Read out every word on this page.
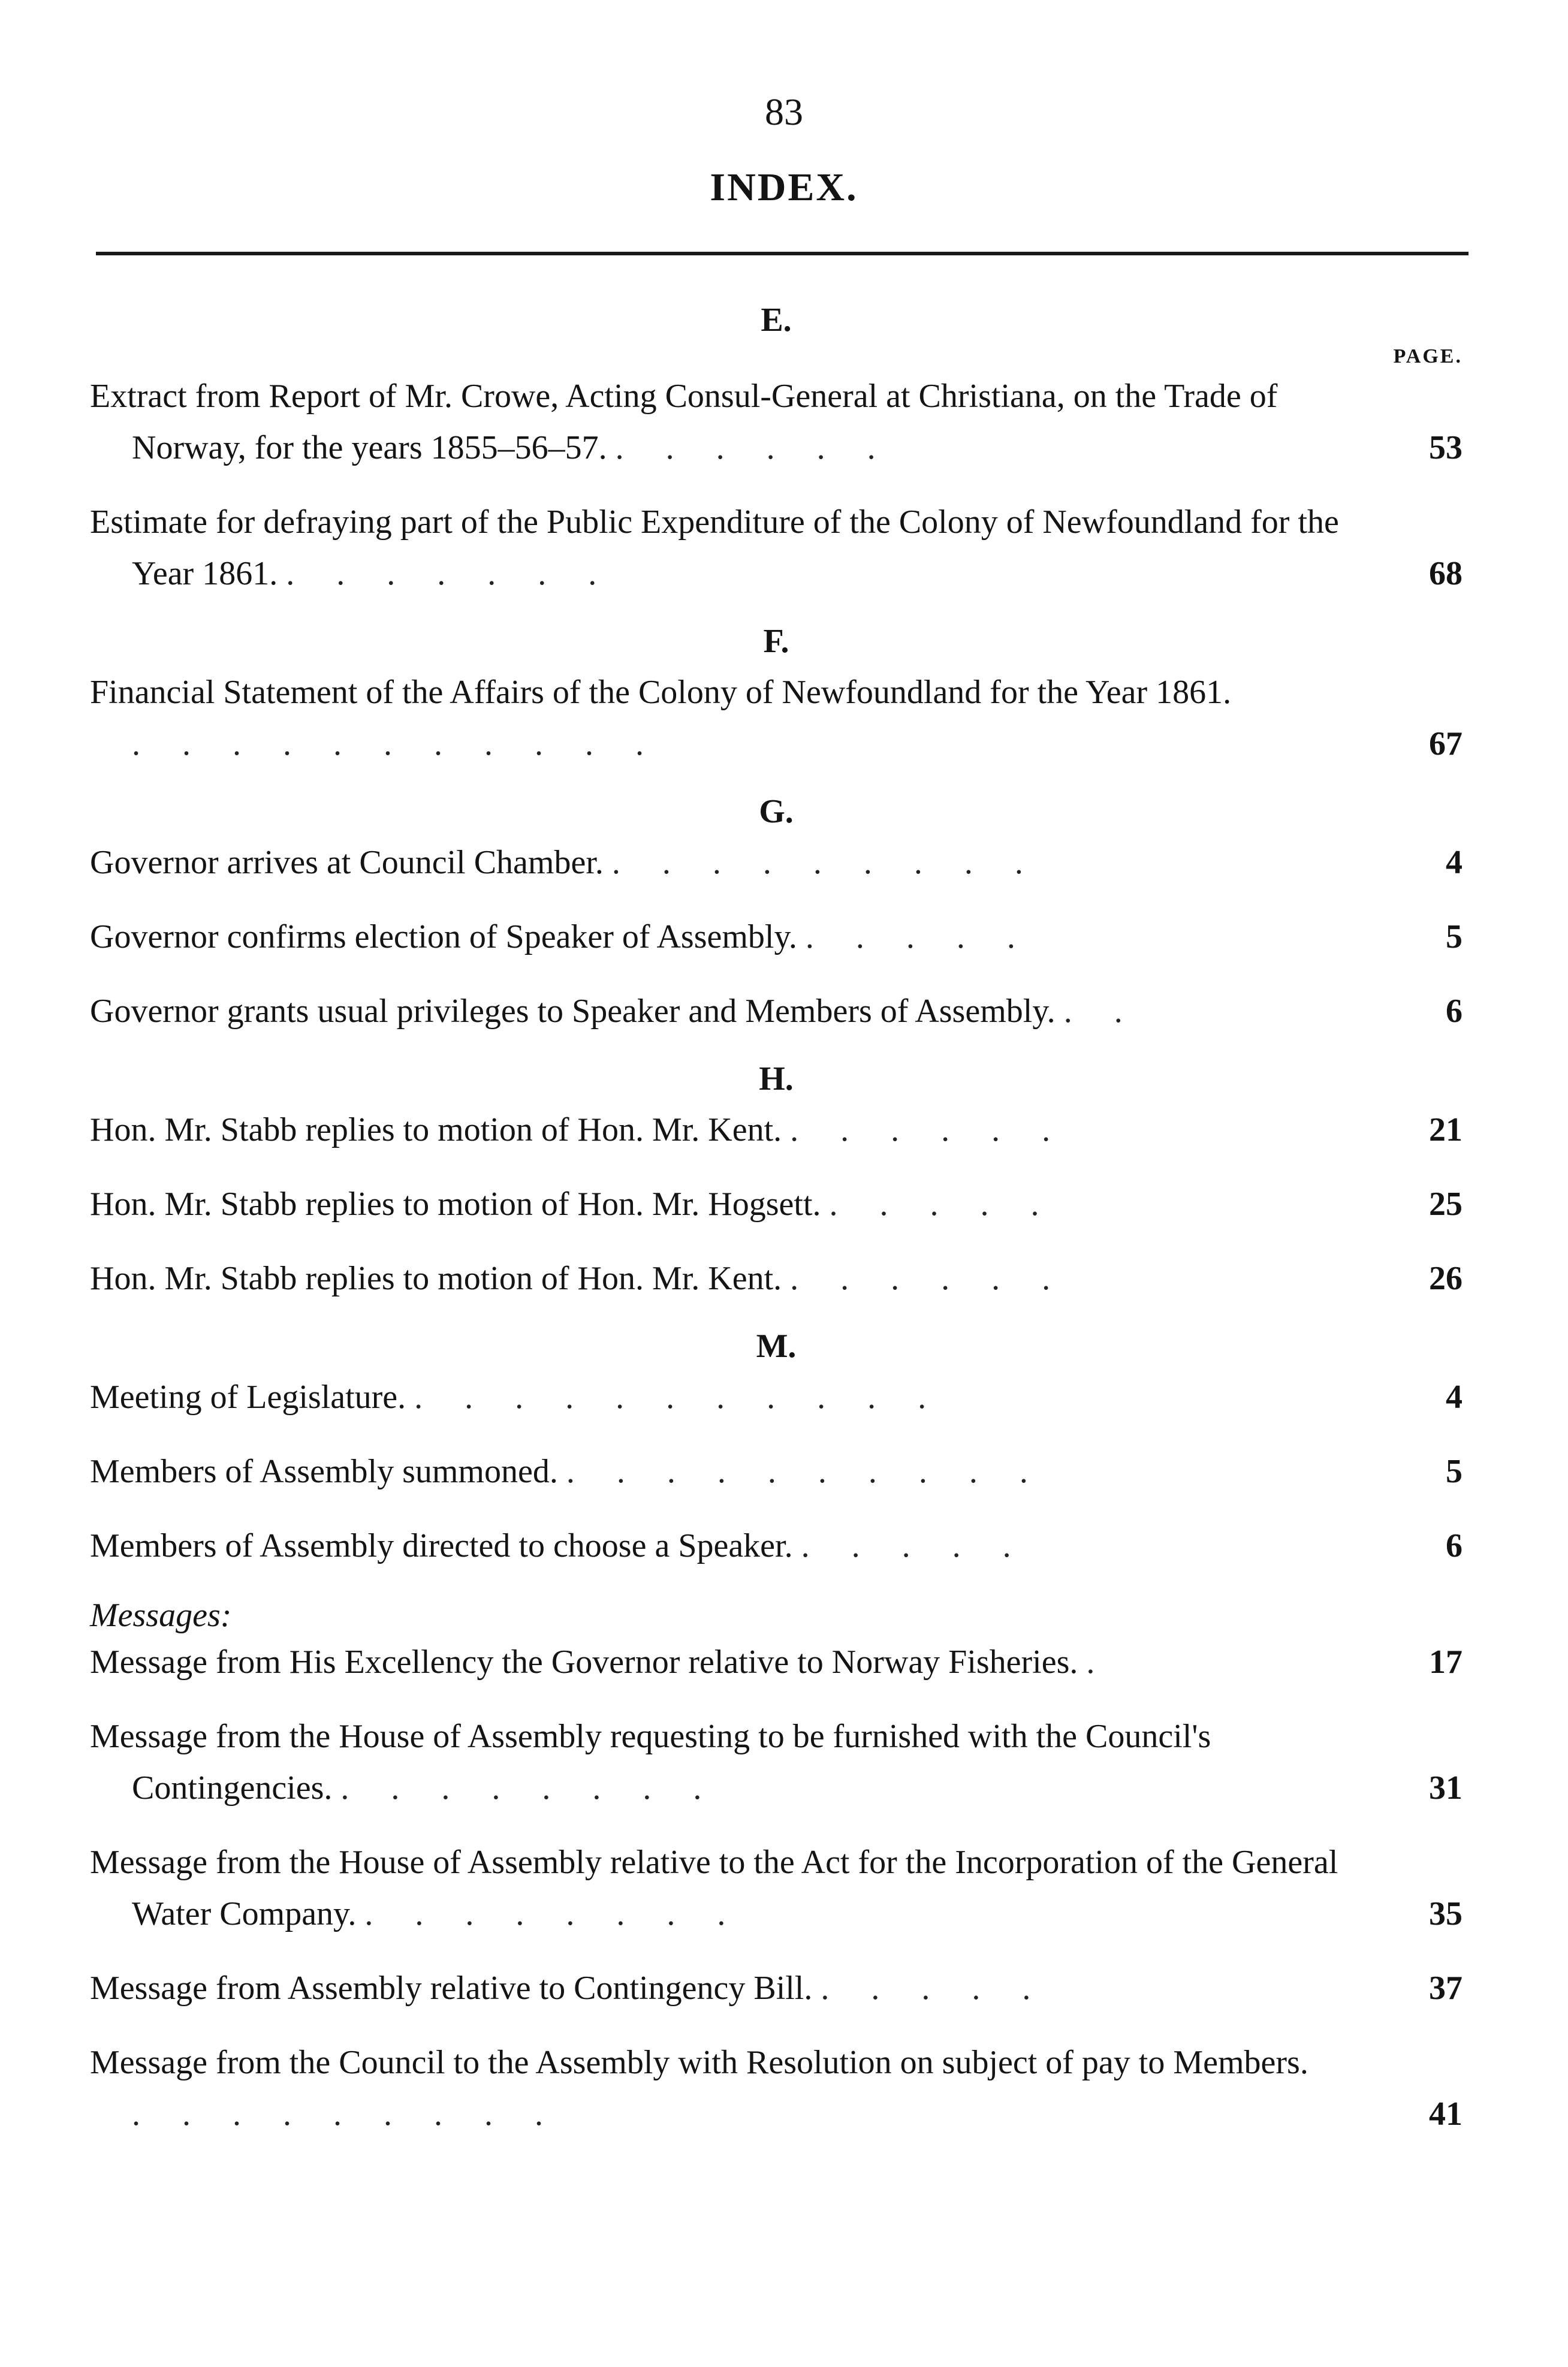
83
INDEX.
E.
PAGE.
Extract from Report of Mr. Crowe, Acting Consul-General at Christiana, on the Trade of Norway, for the years 1855–56–57. ......	53
Estimate for defraying part of the Public Expenditure of the Colony of Newfoundland for the Year 1861. .......	68
F.
Financial Statement of the Affairs of the Colony of Newfoundland for the Year 1861. ...........	67
G.
Governor arrives at Council Chamber. .........	4
Governor confirms election of Speaker of Assembly. .....	5
Governor grants usual privileges to Speaker and Members of Assembly. ..	6
H.
Hon. Mr. Stabb replies to motion of Hon. Mr. Kent. ......	21
Hon. Mr. Stabb replies to motion of Hon. Mr. Hogsett. .....	25
Hon. Mr. Stabb replies to motion of Hon. Mr. Kent. ......	26
M.
Meeting of Legislature. ...........	4
Members of Assembly summoned. ..........	5
Members of Assembly directed to choose a Speaker. .....	6
Messages:
Message from His Excellency the Governor relative to Norway Fisheries. .	17
Message from the House of Assembly requesting to be furnished with the Council's Contingencies. ........	31
Message from the House of Assembly relative to the Act for the Incorporation of the General Water Company. ........	35
Message from Assembly relative to Contingency Bill. .....	37
Message from the Council to the Assembly with Resolution on subject of pay to Members. .........	41
